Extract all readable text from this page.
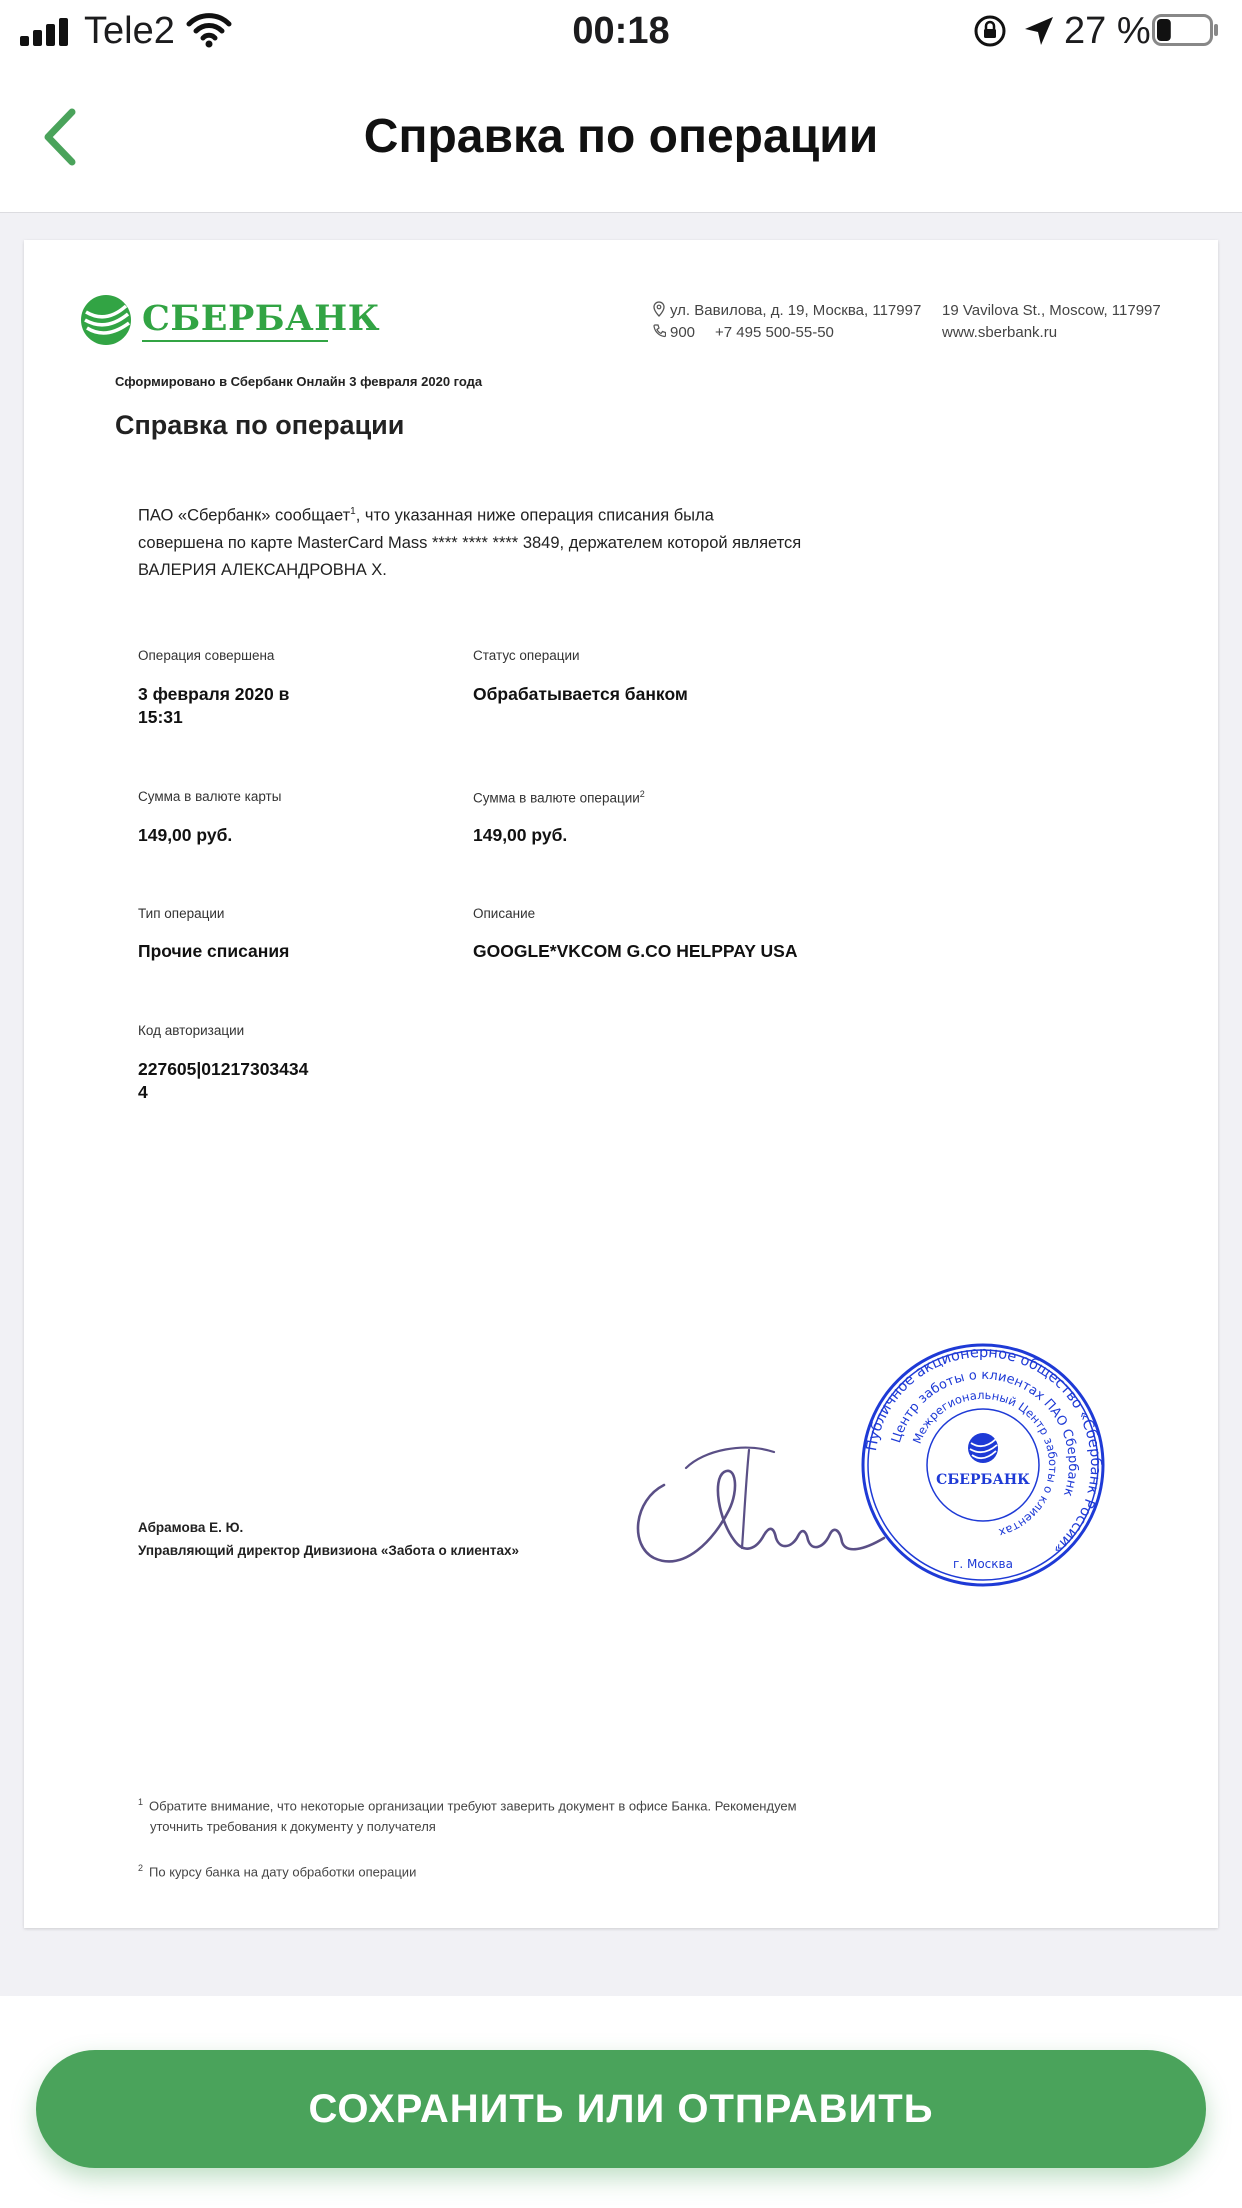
Tele2	00:18	27 %
Справка по операции
СБЕРБАНК	ул. Вавилова, д. 19, Москва, 117997
900 +7 495 500-55-50
19 Vavilova St., Moscow, 117997
www.sberbank.ru
Сформировано в Сбербанк Онлайн 3 февраля 2020 года
Справка по операции
ПАО «Сбербанк» сообщает$^1$, что указанная ниже операция списания была
совершена по карте MasterCard Mass **** **** **** 3849, держателем которой является
ВАЛЕРИЯ АЛЕКСАНДРОВНА Х.
Операция совершена
3 февраля 2020 в
15:31
Статус операции
Обрабатывается банком
Сумма в валюте карты
149,00 руб.
Сумма в валюте операции$^2$
149,00 руб.
Тип операции
Прочие списания
Описание
GOOGLE*VKCOM G.CO HELPPAY USA
Код авторизации
227605|01217303434
4
Абрамова Е. Ю.
Управляющий директор Дивизиона «Забота о клиентах»
Публичное акционерное общество «Сбербанк России»
Центр заботы о клиентах ПАО Сбербанк
Межрегиональный Центр заботы о клиентах
СБЕРБАНК
г. Москва
$^1$ Обратите внимание, что некоторые организации требуют заверить документ в офисе Банка. Рекомендуем
уточнить требования к документу у получателя
$^2$ По курсу банка на дату обработки операции
СОХРАНИТЬ ИЛИ ОТПРАВИТЬ
